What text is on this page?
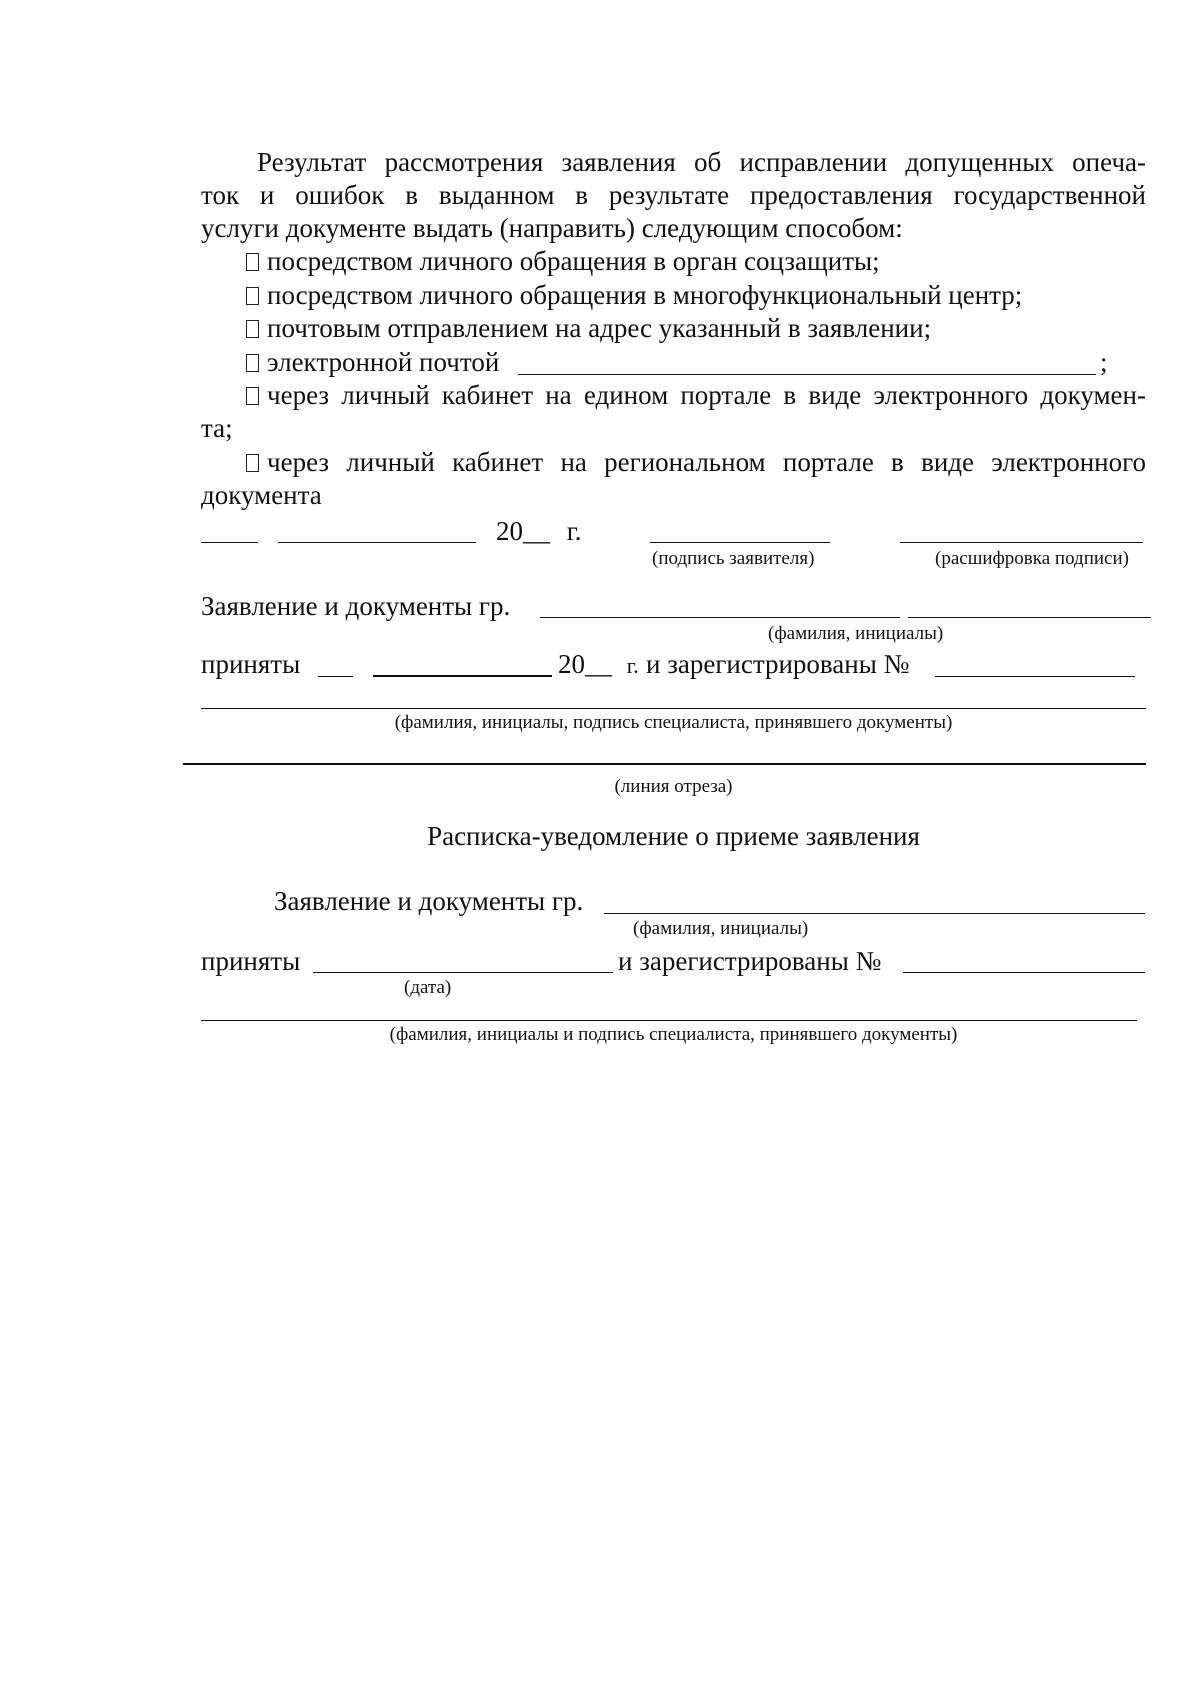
Результат рассмотрения заявления об исправлении допущенных опеча-
ток и ошибок в выданном в результате предоставления государственной
услуги документе выдать (направить) следующим способом:
посредством личного обращения в орган соцзащиты;
посредством личного обращения в многофункциональный центр;
почтовым отправлением на адрес указанный в заявлении;
электронной почтой	;
через личный кабинет на едином портале в виде электронного докумен-
та;
через личный кабинет на региональном портале в виде электронного
документа
20__ г.
(подпись заявителя)	(расшифровка подписи)
Заявление и документы гр.
(фамилия, инициалы)
приняты	20__ г. и зарегистрированы №
(фамилия, инициалы, подпись специалиста, принявшего документы)
(линия отреза)
Расписка-уведомление о приеме заявления
Заявление и документы гр.
(фамилия, инициалы)
приняты	и зарегистрированы №
(дата)
(фамилия, инициалы и подпись специалиста, принявшего документы)
